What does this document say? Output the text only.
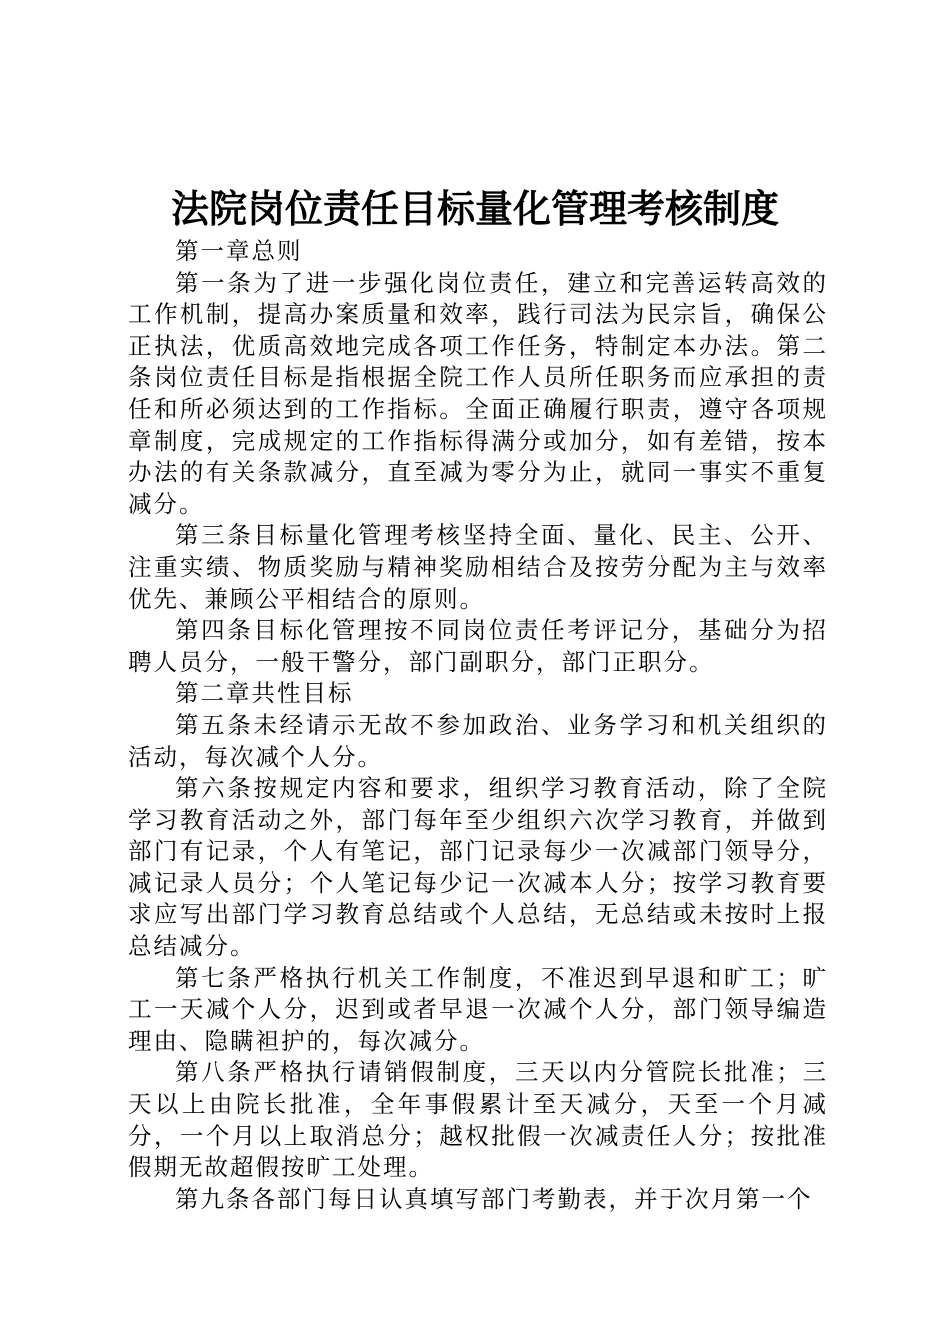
法院岗位责任目标量化管理考核制度

第一章总则

第一条为了进一步强化岗位责任，建立和完善运转高效的工作机制，提高办案质量和效率，践行司法为民宗旨，确保公正执法，优质高效地完成各项工作任务，特制定本办法。第二条岗位责任目标是指根据全院工作人员所任职务而应承担的责任和所必须达到的工作指标。全面正确履行职责，遵守各项规章制度，完成规定的工作指标得满分或加分，如有差错，按本办法的有关条款减分，直至减为零分为止，就同一事实不重复减分。

第三条目标量化管理考核坚持全面、量化、民主、公开、注重实绩、物质奖励与精神奖励相结合及按劳分配为主与效率优先、兼顾公平相结合的原则。

第四条目标化管理按不同岗位责任考评记分，基础分为招聘人员分，一般干警分，部门副职分，部门正职分。

第二章共性目标

第五条未经请示无故不参加政治、业务学习和机关组织的活动，每次减个人分。

第六条按规定内容和要求，组织学习教育活动，除了全院学习教育活动之外，部门每年至少组织六次学习教育，并做到部门有记录，个人有笔记，部门记录每少一次减部门领导分，减记录人员分；个人笔记每少记一次减本人分；按学习教育要求应写出部门学习教育总结或个人总结，无总结或未按时上报总结减分。

第七条严格执行机关工作制度，不准迟到早退和旷工；旷工一天减个人分，迟到或者早退一次减个人分，部门领导编造理由、隐瞒袒护的，每次减分。

第八条严格执行请销假制度，三天以内分管院长批准；三天以上由院长批准，全年事假累计至天减分，天至一个月减分，一个月以上取消总分；越权批假一次减责任人分；按批准假期无故超假按旷工处理。

第九条各部门每日认真填写部门考勤表，并于次月第一个
